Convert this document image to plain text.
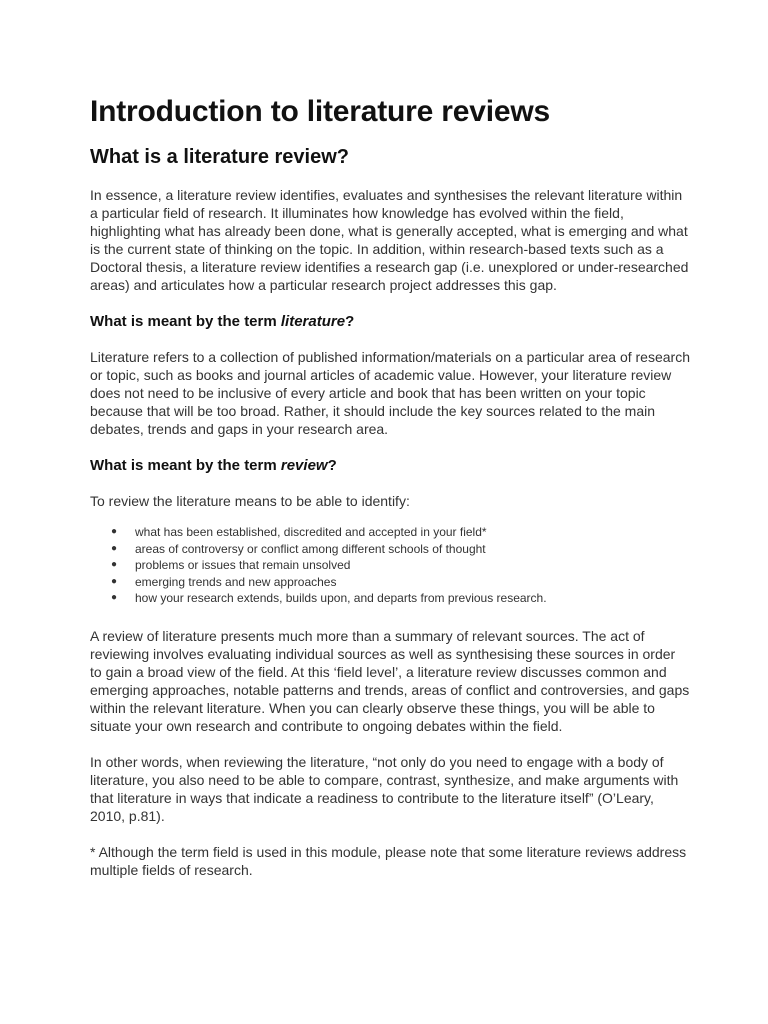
Introduction to literature reviews
What is a literature review?

In essence, a literature review identifies, evaluates and synthesises the relevant literature within a particular field of research. It illuminates how knowledge has evolved within the field, highlighting what has already been done, what is generally accepted, what is emerging and what is the current state of thinking on the topic. In addition, within research-based texts such as a Doctoral thesis, a literature review identifies a research gap (i.e. unexplored or under-researched areas) and articulates how a particular research project addresses this gap.

What is meant by the term literature?

Literature refers to a collection of published information/materials on a particular area of research or topic, such as books and journal articles of academic value. However, your literature review does not need to be inclusive of every article and book that has been written on your topic because that will be too broad. Rather, it should include the key sources related to the main debates, trends and gaps in your research area.

What is meant by the term review?

To review the literature means to be able to identify:

● what has been established, discredited and accepted in your field*
● areas of controversy or conflict among different schools of thought
● problems or issues that remain unsolved
● emerging trends and new approaches
● how your research extends, builds upon, and departs from previous research.

A review of literature presents much more than a summary of relevant sources. The act of reviewing involves evaluating individual sources as well as synthesising these sources in order to gain a broad view of the field. At this ‘field level’, a literature review discusses common and emerging approaches, notable patterns and trends, areas of conflict and controversies, and gaps within the relevant literature. When you can clearly observe these things, you will be able to situate your own research and contribute to ongoing debates within the field.

In other words, when reviewing the literature, “not only do you need to engage with a body of literature, you also need to be able to compare, contrast, synthesize, and make arguments with that literature in ways that indicate a readiness to contribute to the literature itself” (O’Leary, 2010, p.81).

* Although the term field is used in this module, please note that some literature reviews address multiple fields of research.
